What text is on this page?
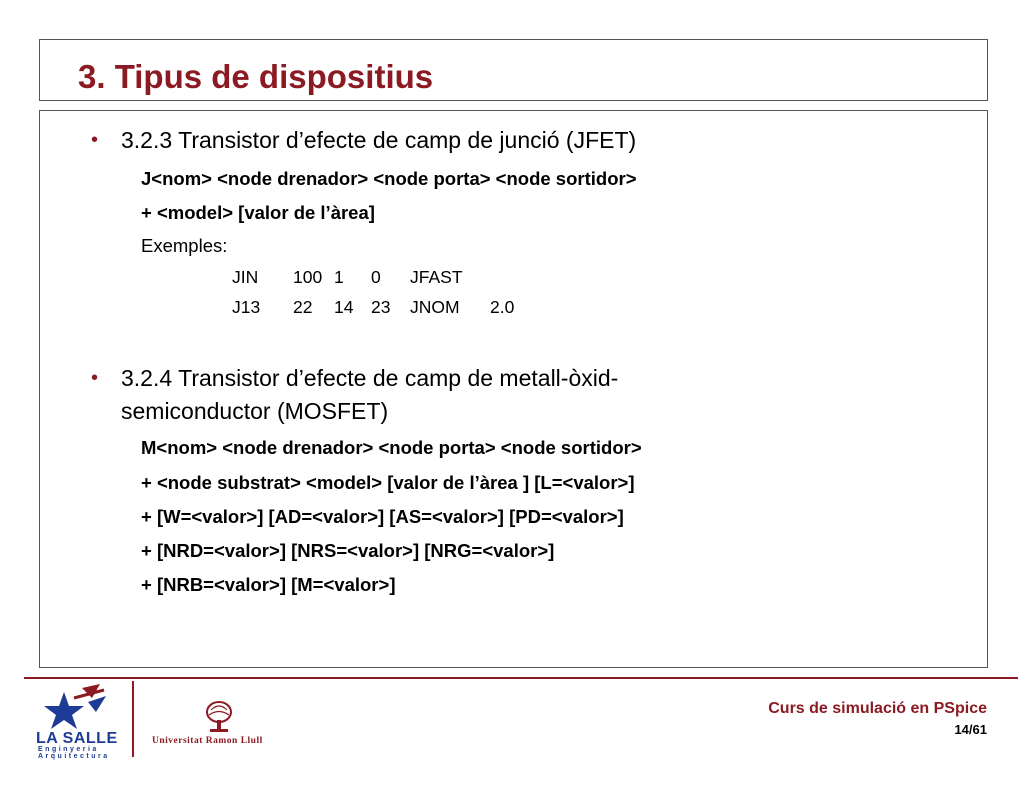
3. Tipus de dispositius
• 3.2.3 Transistor d’efecte de camp de junció (JFET)
J<nom> <node drenador> <node porta> <node sortidor>
+ <model> [valor de l’àrea]
Exemples:
JIN 100 1 0 JFAST
J13 22 14 23 JNOM 2.0
• 3.2.4 Transistor d’efecte de camp de metall-òxid-
semiconductor (MOSFET)
M<nom> <node drenador> <node porta> <node sortidor>
+ <node substrat> <model> [valor de l’àrea ] [L=<valor>]
+ [W=<valor>] [AD=<valor>] [AS=<valor>] [PD=<valor>]
+ [NRD=<valor>] [NRS=<valor>] [NRG=<valor>]
+ [NRB=<valor>] [M=<valor>]
LA SALLE
Enginyeria
Arquitectura
Universitat Ramon Llull
Curs de simulació en PSpice
14/61
